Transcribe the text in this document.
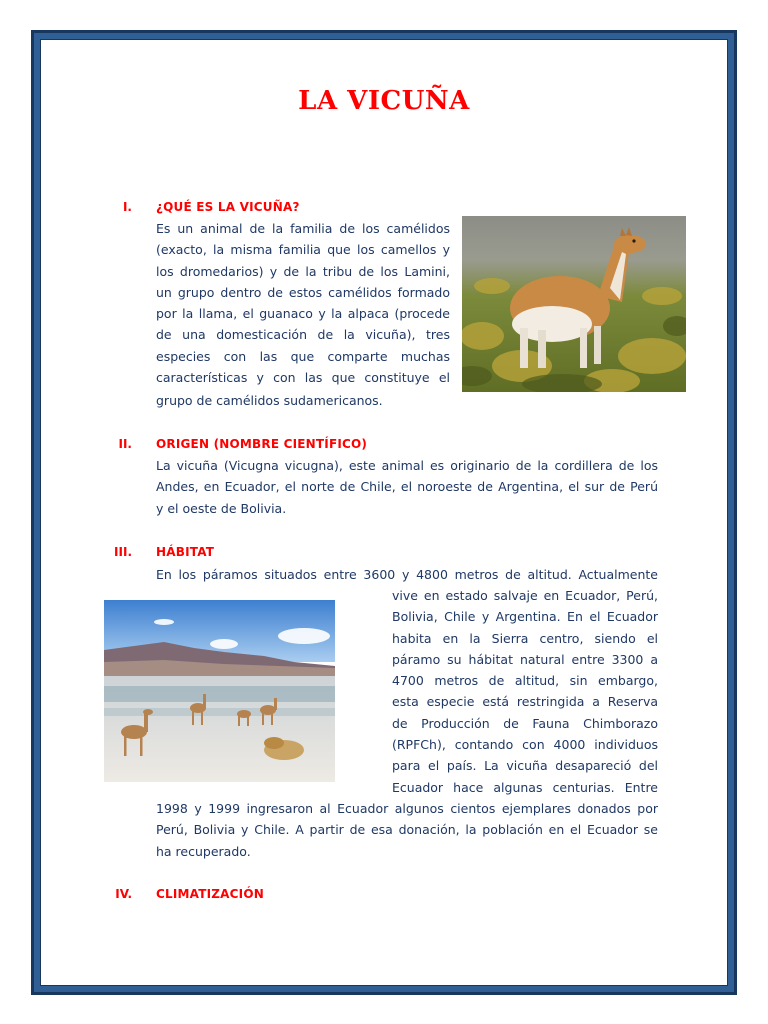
LA VICUÑA
I. ¿QUÉ ES LA VICUÑA?
Es un animal de la familia de los camélidos
(exacto, la misma familia que los camellos y
los dromedarios) y de la tribu de los Lamini,
un grupo dentro de estos camélidos formado
por la llama, el guanaco y la alpaca (procede
de una domesticación de la vicuña), tres
especies con las que comparte muchas
características y con las que constituye el
grupo de camélidos sudamericanos.
II. ORIGEN (NOMBRE CIENTÍFICO)
La vicuña (Vicugna vicugna), este animal es originario de la cordillera de los
Andes, en Ecuador, el norte de Chile, el noroeste de Argentina, el sur de Perú
y el oeste de Bolivia.
III. HÁBITAT
En los páramos situados entre 3600 y 4800 metros de altitud. Actualmente
vive en estado salvaje en Ecuador, Perú,
Bolivia, Chile y Argentina. En el Ecuador
habita en la Sierra centro, siendo el
páramo su hábitat natural entre 3300 a
4700 metros de altitud, sin embargo,
esta especie está restringida a Reserva
de Producción de Fauna Chimborazo
(RPFCh), contando con 4000 individuos
para el país. La vicuña desapareció del
Ecuador hace algunas centurias. Entre
1998 y 1999 ingresaron al Ecuador algunos cientos ejemplares donados por
Perú, Bolivia y Chile. A partir de esa donación, la población en el Ecuador se
ha recuperado.
IV. CLIMATIZACIÓN
